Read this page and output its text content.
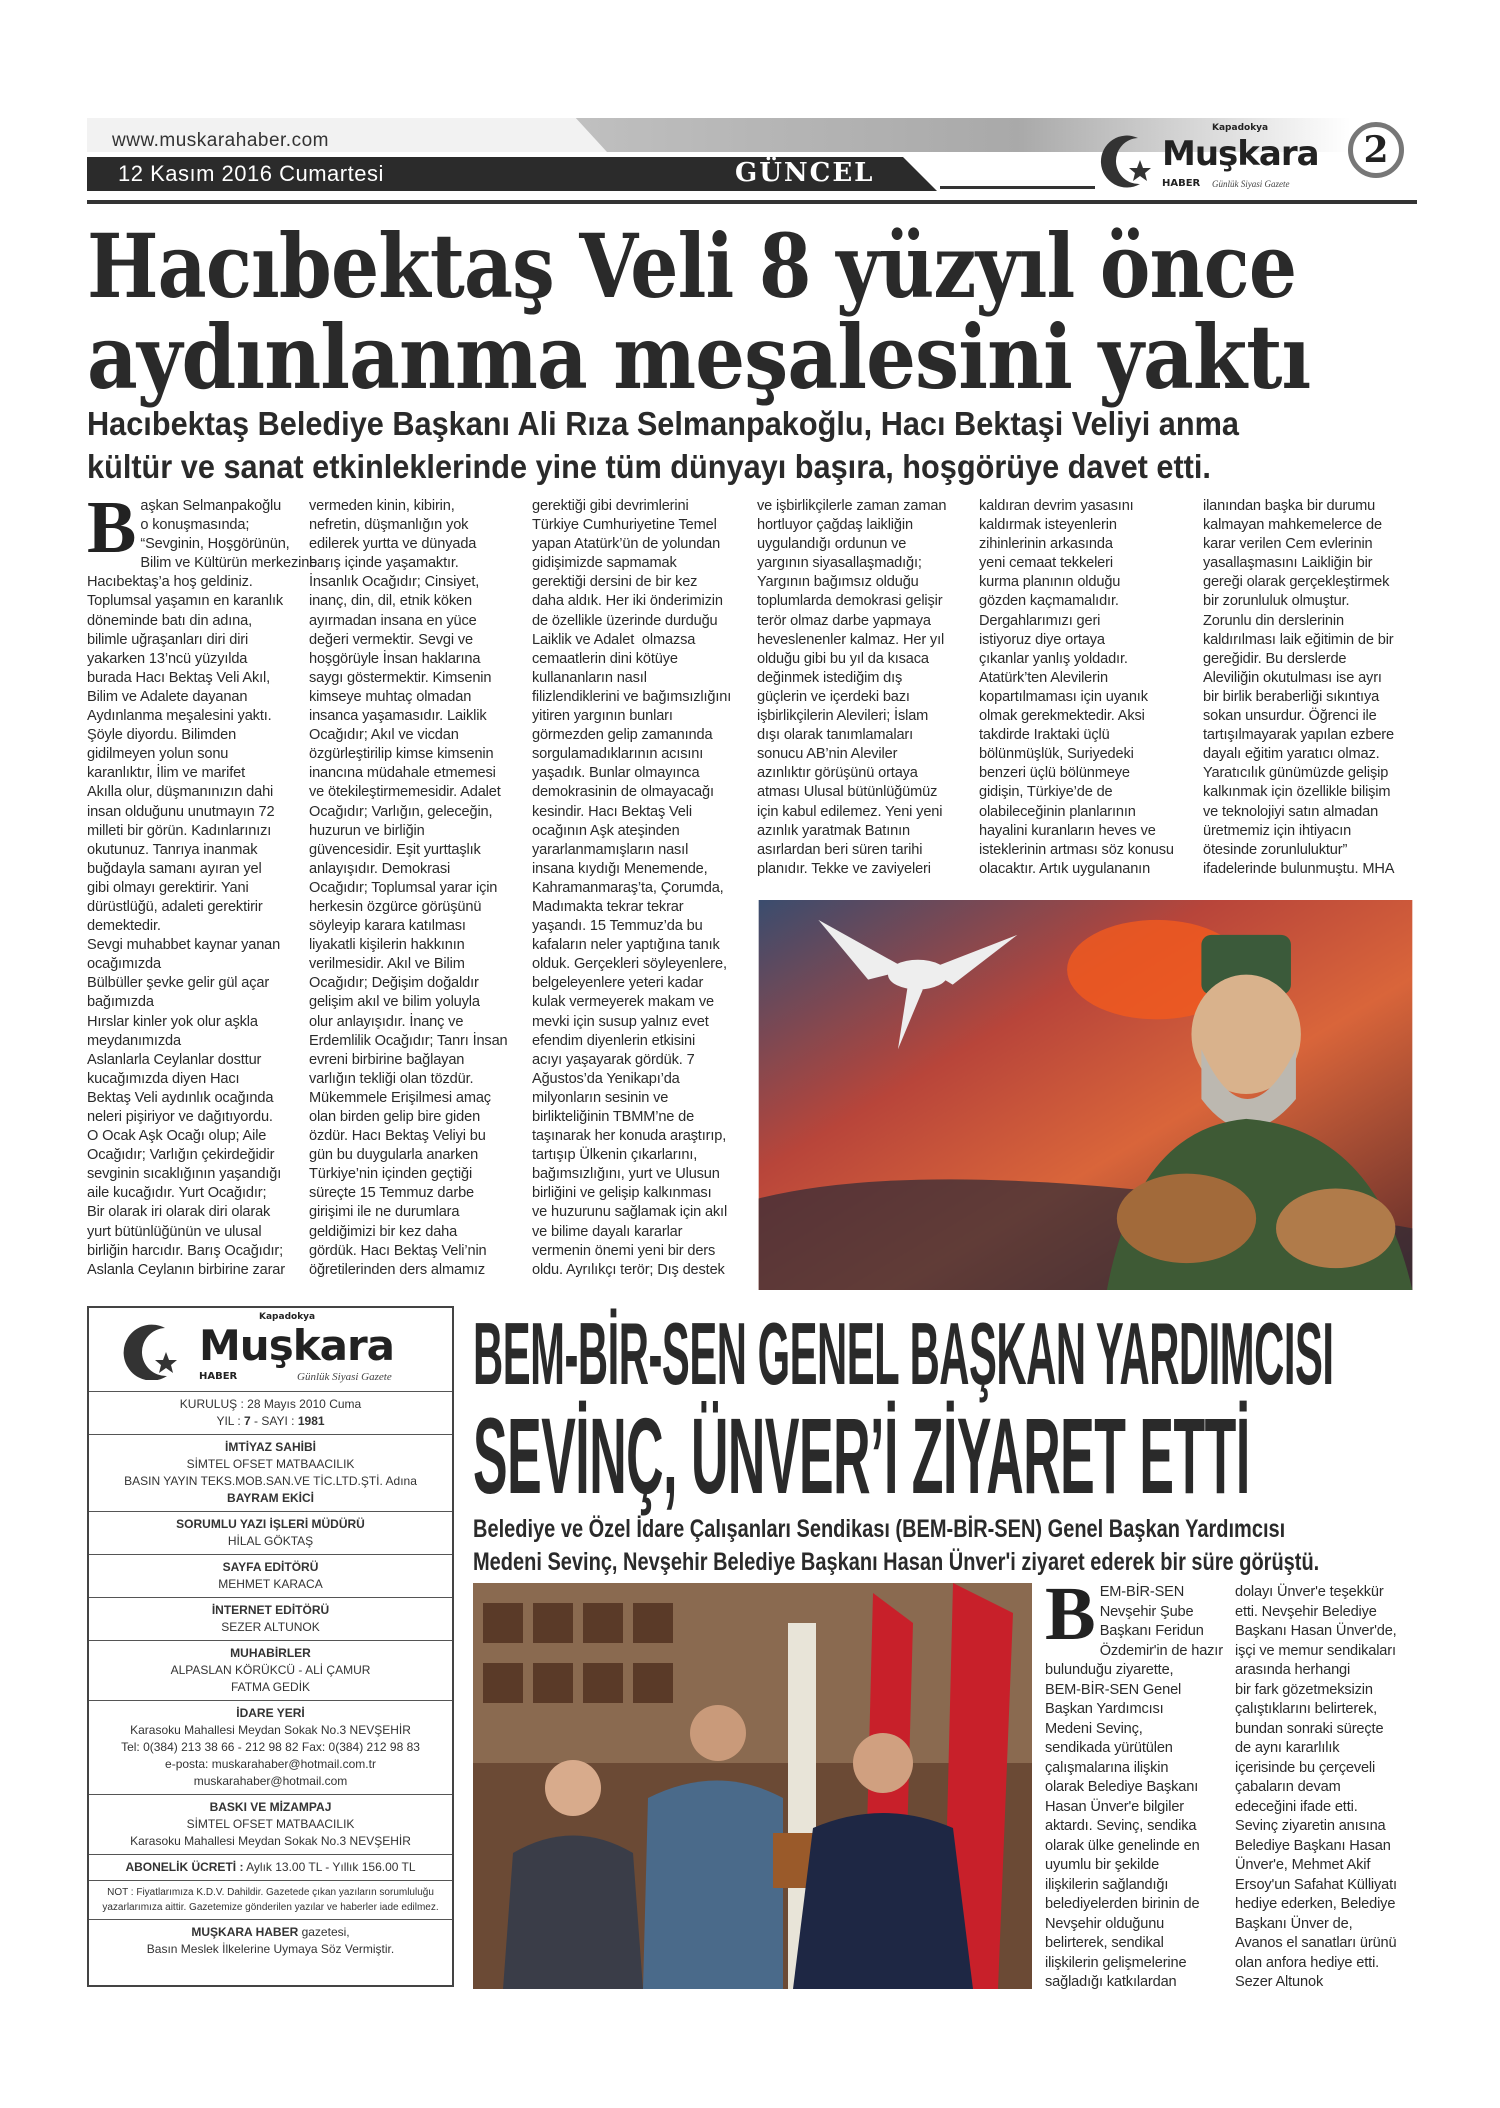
www.muskarahaber.com
12 Kasım 2016 Cumartesi	GÜNCEL
Kapadokya
Muşkara
HABER Günlük Siyasi Gazete
2
Hacıbektaş Veli 8 yüzyıl önce
aydınlanma meşalesini yaktı
Hacıbektaş Belediye Başkanı Ali Rıza Selmanpakoğlu, Hacı Bektaşi Veliyi anma
kültür ve sanat etkinleklerinde yine tüm dünyayı başıra, hoşgörüye davet etti.
Başkan Selmanpakoğlu
o konuşmasında;
“Sevginin, Hoşgörünün,
Bilim ve Kültürün merkezine
Hacıbektaş’a hoş geldiniz.
Toplumsal yaşamın en karanlık
döneminde batı din adına,
bilimle uğraşanları diri diri
yakarken 13’ncü yüzyılda
burada Hacı Bektaş Veli Akıl,
Bilim ve Adalete dayanan
Aydınlanma meşalesini yaktı.
Şöyle diyordu. Bilimden
gidilmeyen yolun sonu
karanlıktır, İlim ve marifet
Akılla olur, düşmanınızın dahi
insan olduğunu unutmayın 72
milleti bir görün. Kadınlarınızı
okutunuz. Tanrıya inanmak
buğdayla samanı ayıran yel
gibi olmayı gerektirir. Yani
dürüstlüğü, adaleti gerektirir
demektedir.
Sevgi muhabbet kaynar yanan
ocağımızda
Bülbüller şevke gelir gül açar
bağımızda
Hırslar kinler yok olur aşkla
meydanımızda
Aslanlarla Ceylanlar dosttur
kucağımızda diyen Hacı
Bektaş Veli aydınlık ocağında
neleri pişiriyor ve dağıtıyordu.
O Ocak Aşk Ocağı olup; Aile
Ocağıdır; Varlığın çekirdeğidir
sevginin sıcaklığının yaşandığı
aile kucağıdır. Yurt Ocağıdır;
Bir olarak iri olarak diri olarak
yurt bütünlüğünün ve ulusal
birliğin harcıdır. Barış Ocağıdır;
Aslanla Ceylanın birbirine zarar
vermeden kinin, kibirin,
nefretin, düşmanlığın yok
edilerek yurtta ve dünyada
barış içinde yaşamaktır.
İnsanlık Ocağıdır; Cinsiyet,
inanç, din, dil, etnik köken
ayırmadan insana en yüce
değeri vermektir. Sevgi ve
hoşgörüyle İnsan haklarına
saygı göstermektir. Kimsenin
kimseye muhtaç olmadan
insanca yaşamasıdır. Laiklik
Ocağıdır; Akıl ve vicdan
özgürleştirilip kimse kimsenin
inancına müdahale etmemesi
ve ötekileştirmemesidir. Adalet
Ocağıdır; Varlığın, geleceğin,
huzurun ve birliğin
güvencesidir. Eşit yurttaşlık
anlayışıdır. Demokrasi
Ocağıdır; Toplumsal yarar için
herkesin özgürce görüşünü
söyleyip karara katılması
liyakatli kişilerin hakkının
verilmesidir. Akıl ve Bilim
Ocağıdır; Değişim doğaldır
gelişim akıl ve bilim yoluyla
olur anlayışıdır. İnanç ve
Erdemlilik Ocağıdır; Tanrı İnsan
evreni birbirine bağlayan
varlığın tekliği olan tözdür.
Mükemmele Erişilmesi amaç
olan birden gelip bire giden
özdür. Hacı Bektaş Veliyi bu
gün bu duygularla anarken
Türkiye’nin içinden geçtiği
süreçte 15 Temmuz darbe
girişimi ile ne durumlara
geldiğimizi bir kez daha
gördük. Hacı Bektaş Veli’nin
öğretilerinden ders almamız
gerektiği gibi devrimlerini
Türkiye Cumhuriyetine Temel
yapan Atatürk’ün de yolundan
gidişimizde sapmamak
gerektiği dersini de bir kez
daha aldık. Her iki önderimizin
de özellikle üzerinde durduğu
Laiklik ve Adalet  olmazsa
cemaatlerin dini kötüye
kullananların nasıl
filizlendiklerini ve bağımsızlığını
yitiren yargının bunları
görmezden gelip zamanında
sorgulamadıklarının acısını
yaşadık. Bunlar olmayınca
demokrasinin de olmayacağı
kesindir. Hacı Bektaş Veli
ocağının Aşk ateşinden
yararlanmamışların nasıl
insana kıydığı Menemende,
Kahramanmaraş’ta, Çorumda,
Madımakta tekrar tekrar
yaşandı. 15 Temmuz’da bu
kafaların neler yaptığına tanık
olduk. Gerçekleri söyleyenlere,
belgeleyenlere yeteri kadar
kulak vermeyerek makam ve
mevki için susup yalnız evet
efendim diyenlerin etkisini
acıyı yaşayarak gördük. 7
Ağustos’da Yenikapı’da
milyonların sesinin ve
birlikteliğinin TBMM’ne de
taşınarak her konuda araştırıp,
tartışıp Ülkenin çıkarlarını,
bağımsızlığını, yurt ve Ulusun
birliğini ve gelişip kalkınması
ve huzurunu sağlamak için akıl
ve bilime dayalı kararlar
vermenin önemi yeni bir ders
oldu. Ayrılıkçı terör; Dış destek
ve işbirlikçilerle zaman zaman
hortluyor çağdaş laikliğin
uygulandığı ordunun ve
yargının siyasallaşmadığı;
Yargının bağımsız olduğu
toplumlarda demokrasi gelişir
terör olmaz darbe yapmaya
heveslenenler kalmaz. Her yıl
olduğu gibi bu yıl da kısaca
değinmek istediğim dış
güçlerin ve içerdeki bazı
işbirlikçilerin Alevileri; İslam
dışı olarak tanımlamaları
sonucu AB’nin Aleviler
azınlıktır görüşünü ortaya
atması Ulusal bütünlüğümüz
için kabul edilemez. Yeni yeni
azınlık yaratmak Batının
asırlardan beri süren tarihi
planıdır. Tekke ve zaviyeleri
kaldıran devrim yasasını
kaldırmak isteyenlerin
zihinlerinin arkasında
yeni cemaat tekkeleri
kurma planının olduğu
gözden kaçmamalıdır.
Dergahlarımızı geri
istiyoruz diye ortaya
çıkanlar yanlış yoldadır.
Atatürk’ten Alevilerin
kopartılmaması için uyanık
olmak gerekmektedir. Aksi
takdirde Iraktaki üçlü
bölünmüşlük, Suriyedeki
benzeri üçlü bölünmeye
gidişin, Türkiye’de de
olabileceğinin planlarının
hayalini kuranların heves ve
isteklerinin artması söz konusu
olacaktır. Artık uygulananın
ilanından başka bir durumu
kalmayan mahkemelerce de
karar verilen Cem evlerinin
yasallaşmasını Laikliğin bir
gereği olarak gerçekleştirmek
bir zorunluluk olmuştur.
Zorunlu din derslerinin
kaldırılması laik eğitimin de bir
gereğidir. Bu derslerde
Aleviliğin okutulması ise ayrı
bir birlik beraberliği sıkıntıya
sokan unsurdur. Öğrenci ile
tartışılmayarak yapılan ezbere
dayalı eğitim yaratıcı olmaz.
Yaratıcılık günümüzde gelişip
kalkınmak için özellikle bilişim
ve teknolojiyi satın almadan
üretmemiz için ihtiyacın
ötesinde zorunluluktur”
ifadelerinde bulunmuştu. MHA
Kapadokya
Muşkara
HABER	Günlük Siyasi Gazete
KURULUŞ : 28 Mayıs 2010 Cuma
YIL : 7 - SAYI : 1981
İMTİYAZ SAHİBİ
SİMTEL OFSET MATBAACILIK
BASIN YAYIN TEKS.MOB.SAN.VE TİC.LTD.ŞTİ. Adına
BAYRAM EKİCİ
SORUMLU YAZI İŞLERİ MÜDÜRÜ
HİLAL GÖKTAŞ
SAYFA EDİTÖRÜ
MEHMET KARACA
İNTERNET EDİTÖRÜ
SEZER ALTUNOK
MUHABİRLER
ALPASLAN KÖRÜKCÜ - ALİ ÇAMUR
FATMA GEDİK
İDARE YERİ
Karasoku Mahallesi Meydan Sokak No.3 NEVŞEHİR
Tel: 0(384) 213 38 66 - 212 98 82 Fax: 0(384) 212 98 83
e-posta: muskarahaber@hotmail.com.tr
muskarahaber@hotmail.com
BASKI VE MİZAMPAJ
SİMTEL OFSET MATBAACILIK
Karasoku Mahallesi Meydan Sokak No.3 NEVŞEHİR
ABONELİK ÜCRETİ : Aylık 13.00 TL - Yıllık 156.00 TL
NOT : Fiyatlarımıza K.D.V. Dahildir. Gazetede çıkan yazıların sorumluluğu
yazarlarımıza aittir. Gazetemize gönderilen yazılar ve haberler iade edilmez.
MUŞKARA HABER gazetesi,
Basın Meslek İlkelerine Uymaya Söz Vermiştir.
BEM-BİR-SEN GENEL BAŞKAN YARDIMCISI
SEVİNÇ, ÜNVER’İ ZİYARET ETTİ
Belediye ve Özel İdare Çalışanları Sendikası (BEM-BİR-SEN) Genel Başkan Yardımcısı
Medeni Sevinç, Nevşehir Belediye Başkanı Hasan Ünver'i ziyaret ederek bir süre görüştü.
BEM-BİR-SEN
Nevşehir Şube
Başkanı Feridun
Özdemir'in de hazır
bulunduğu ziyarette,
BEM-BİR-SEN Genel
Başkan Yardımcısı
Medeni Sevinç,
sendikada yürütülen
çalışmalarına ilişkin
olarak Belediye Başkanı
Hasan Ünver'e bilgiler
aktardı. Sevinç, sendika
olarak ülke genelinde en
uyumlu bir şekilde
ilişkilerin sağlandığı
belediyelerden birinin de
Nevşehir olduğunu
belirterek, sendikal
ilişkilerin gelişmelerine
sağladığı katkılardan
dolayı Ünver'e teşekkür
etti. Nevşehir Belediye
Başkanı Hasan Ünver'de,
işçi ve memur sendikaları
arasında herhangi
bir fark gözetmeksizin
çalıştıklarını belirterek,
bundan sonraki süreçte
de aynı kararlılık
içerisinde bu çerçeveli
çabaların devam
edeceğini ifade etti.
Sevinç ziyaretin anısına
Belediye Başkanı Hasan
Ünver'e, Mehmet Akif
Ersoy'un Safahat Külliyatı
hediye ederken, Belediye
Başkanı Ünver de,
Avanos el sanatları ürünü
olan anfora hediye etti.
Sezer Altunok
